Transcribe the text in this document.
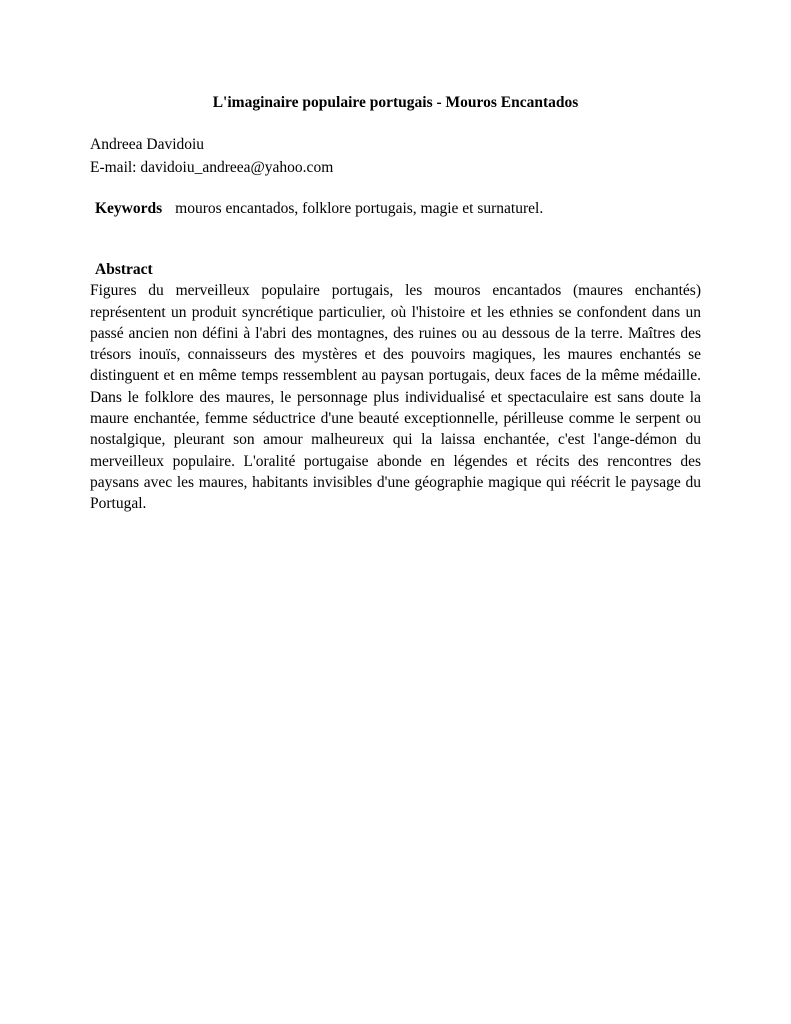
L'imaginaire populaire portugais - Mouros Encantados

Andreea Davidoiu

E-mail: davidoiu_andreea@yahoo.com

Keywords mouros encantados, folklore portugais, magie et surnaturel.

Abstract

Figures du merveilleux populaire portugais, les mouros encantados (maures enchantés) représentent un produit syncrétique particulier, où l'histoire et les ethnies se confondent dans un passé ancien non défini à l'abri des montagnes, des ruines ou au dessous de la terre. Maîtres des trésors inouïs, connaisseurs des mystères et des pouvoirs magiques, les maures enchantés se distinguent et en même temps ressemblent au paysan portugais, deux faces de la même médaille. Dans le folklore des maures, le personnage plus individualisé et spectaculaire est sans doute la maure enchantée, femme séductrice d'une beauté exceptionnelle, périlleuse comme le serpent ou nostalgique, pleurant son amour malheureux qui la laissa enchantée, c'est l'ange-démon du merveilleux populaire. L'oralité portugaise abonde en légendes et récits des rencontres des paysans avec les maures, habitants invisibles d'une géographie magique qui réécrit le paysage du Portugal.
